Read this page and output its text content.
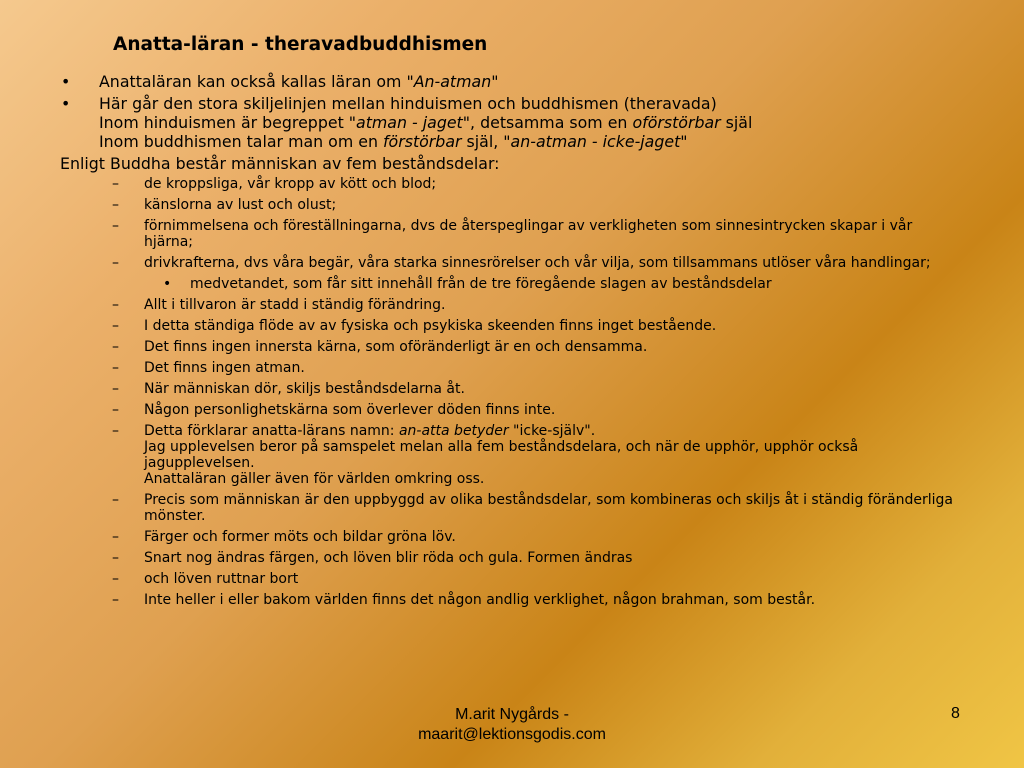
Anatta-läran - theravadbuddhismen
• Anattaläran kan också kallas läran om "An-atman"
• Här går den stora skiljelinjen mellan hinduismen och buddhismen (theravada)
Inom hinduismen är begreppet "atman - jaget", detsamma som en oförstörbar själ
Inom buddhismen talar man om en förstörbar själ, "an-atman - icke-jaget"
Enligt Buddha består människan av fem beståndsdelar:
– de kroppsliga, vår kropp av kött och blod;
– känslorna av lust och olust;
– förnimmelsena och föreställningarna, dvs de återspeglingar av verkligheten som sinnesintrycken skapar i vår hjärna;
– drivkrafterna, dvs våra begär, våra starka sinnesrörelser och vår vilja, som tillsammans utlöser våra handlingar;
• medvetandet, som får sitt innehåll från de tre föregående slagen av beståndsdelar
– Allt i tillvaron är stadd i ständig förändring.
– I detta ständiga flöde av av fysiska och psykiska skeenden finns inget bestående.
– Det finns ingen innersta kärna, som oföränderligt är en och densamma.
– Det finns ingen atman.
– När människan dör, skiljs beståndsdelarna åt.
– Någon personlighetskärna som överlever döden finns inte.
– Detta förklarar anatta-lärans namn: an-atta betyder "icke-själv".
Jag upplevelsen beror på samspelet melan alla fem beståndsdelara, och när de upphör, upphör också jagupplevelsen.
Anattaläran gäller även för världen omkring oss.
– Precis som människan är den uppbyggd av olika beståndsdelar, som kombineras och skiljs åt i ständig föränderliga mönster.
– Färger och former möts och bildar gröna löv.
– Snart nog ändras färgen, och löven blir röda och gula. Formen ändras
– och löven ruttnar bort
– Inte heller i eller bakom världen finns det någon andlig verklighet, någon brahman, som består.
M.arit Nygårds -
maarit@lektionsgodis.com
8
